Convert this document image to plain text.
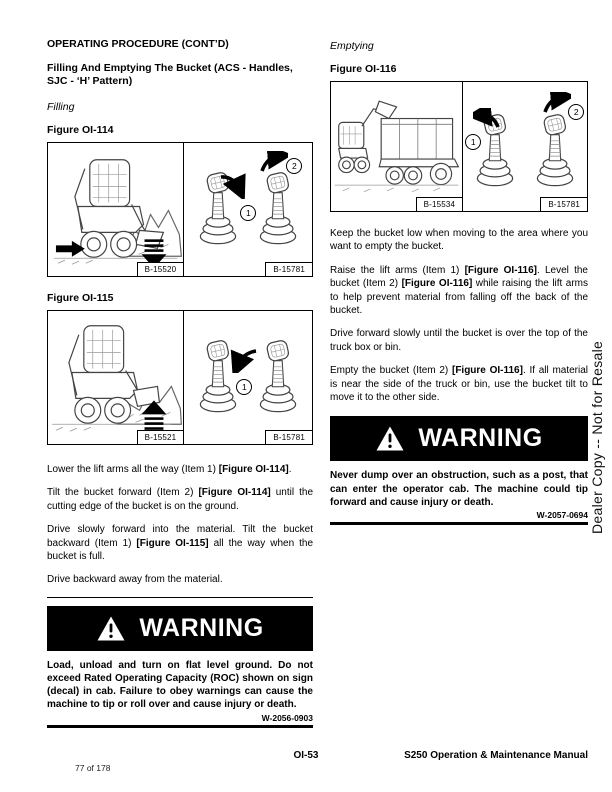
OPERATING PROCEDURE (CONT’D)
Filling And Emptying The Bucket (ACS - Handles, SJC - ‘H’ Pattern)
Filling
Figure OI-114
B-15520
1
2
B-15781
Figure OI-115
B-15521
1
B-15781

Lower the lift arms all the way (Item 1) [Figure OI-114].

Tilt the bucket forward (Item 2) [Figure OI-114] until the cutting edge of the bucket is on the ground.

Drive slowly forward into the material. Tilt the bucket backward (Item 1) [Figure OI-115] all the way when the bucket is full.

Drive backward away from the material.

WARNING
Load, unload and turn on flat level ground. Do not exceed Rated Operating Capacity (ROC) shown on sign (decal) in cab. Failure to obey warnings can cause the machine to tip or roll over and cause injury or death.
W-2056-0903
Emptying
Figure OI-116
B-15534
1
2
B-15781

Keep the bucket low when moving to the area where you want to empty the bucket.

Raise the lift arms (Item 1) [Figure OI-116]. Level the bucket (Item 2) [Figure OI-116] while raising the lift arms to help prevent material from falling off the back of the bucket.

Drive forward slowly until the bucket is over the top of the truck box or bin.

Empty the bucket (Item 2) [Figure OI-116]. If all material is near the side of the truck or bin, use the bucket tilt to move it to the other side.

WARNING
Never dump over an obstruction, such as a post, that can enter the operator cab. The machine could tip forward and cause injury or death.
W-2057-0694 Dealer Copy -- Not for Resale
OI-53	S250 Operation & Maintenance Manual
77 of 178
